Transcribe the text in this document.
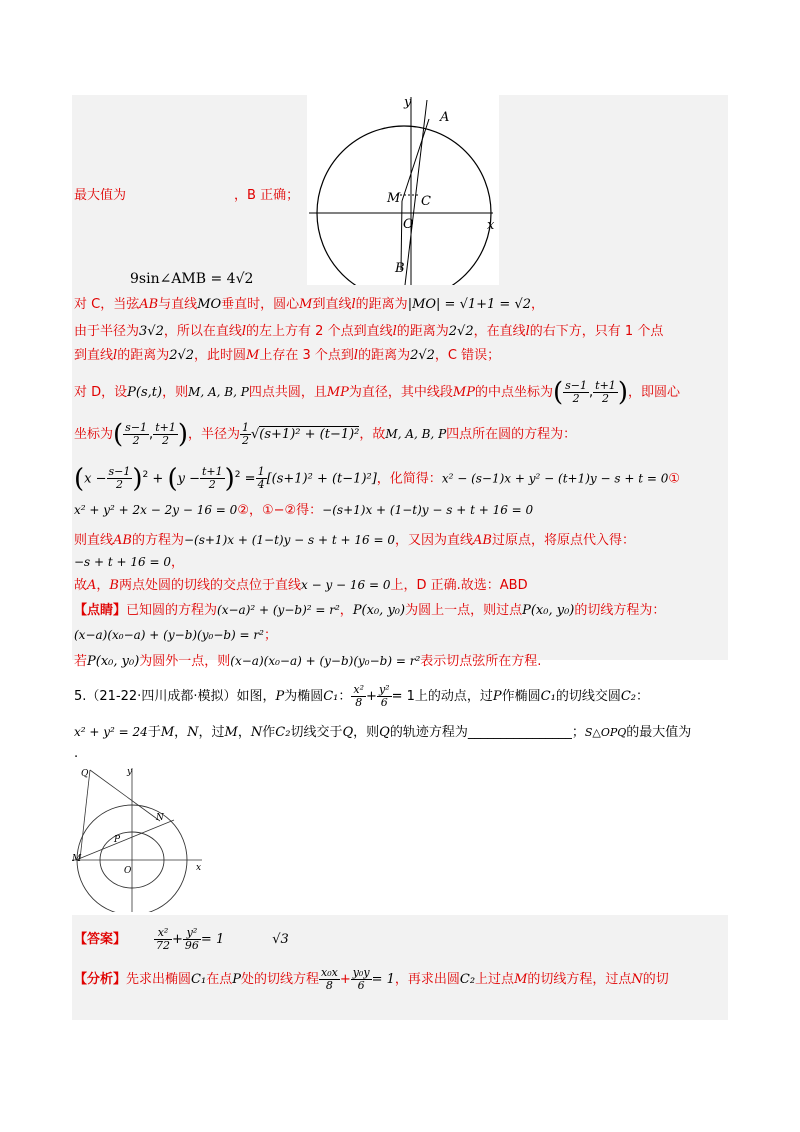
y
A
M C
O	x
B
最大值为	，B 正确；
9sin∠AMB = 4√2
对 C，当弦AB与直线MO垂直时，圆心M到直线l的距离为|MO| = √1+1 = √2，
由于半径为3√2，所以在直线l的左上方有 2 个点到直线l的距离为2√2，在直线l的右下方，只有 1 个点
到直线l的距离为2√2，此时圆M上存在 3 个点到l的距离为2√2，C 错误；
对 D，设P(s,t)，则M, A, B, P四点共圆，且MP为直径，其中线段MP的中点坐标为( $\frac{s-1}{2}$ , $\frac{t+1}{2}$ )，即圆心
坐标为( $\frac{s-1}{2}$ , $\frac{t+1}{2}$ )，半径为 $\frac{1}{2} √(s+1)^2 + (t-1)^2$，故M, A, B, P四点所在圆的方程为：
$(x - \frac{s-1}{2} )^2 + (y - \frac{t+1}{2} )^2 = \frac{1}{4} [(s+1)^2 + (t-1)^2]$，化简得：x² − (s−1)x + y² − (t+1)y − s + t = 0①
x² + y² + 2x − 2y − 16 = 0②，①−②得：−(s+1)x + (1−t)y − s + t + 16 = 0
则直线AB的方程为−(s+1)x + (1−t)y − s + t + 16 = 0，又因为直线AB过原点，将原点代入得：
−s + t + 16 = 0，
故A，B两点处圆的切线的交点位于直线x − y − 16 = 0上，D 正确.故选：ABD
【点睛】已知圆的方程为(x−a)² + (y−b)² = r²，P(x₀, y₀)为圆上一点，则过点P(x₀, y₀)的切线方程为：
(x−a)(x₀−a) + (y−b)(y₀−b) = r²；
若P(x₀, y₀)为圆外一点，则(x−a)(x₀−a) + (y−b)(y₀−b) = r²表示切点弦所在方程.
5.（21-22·四川成都·模拟）如图，P为椭圆C₁： $\frac{\text{x²}}{8} + \frac{\text{y²}}{6} = 1$上的动点，过P作椭圆C₁的切线交圆C₂：
x² + y² = 24于M，N，过M，N作C₂切线交于Q，则Q的轨迹方程为________________；S△OPQ的最大值为
.
Q	y
N
P
M
O	x
【答案】	$\frac{\text{x²}}{72} + \frac{\text{y²}}{96} = 1$	√3
【分析】先求出椭圆C₁在点P处的切线方程 $\frac{\text{x₀x}}{8} + \frac{\text{y₀y}}{6} = 1$，再求出圆C₂上过点M的切线方程，过点N的切
